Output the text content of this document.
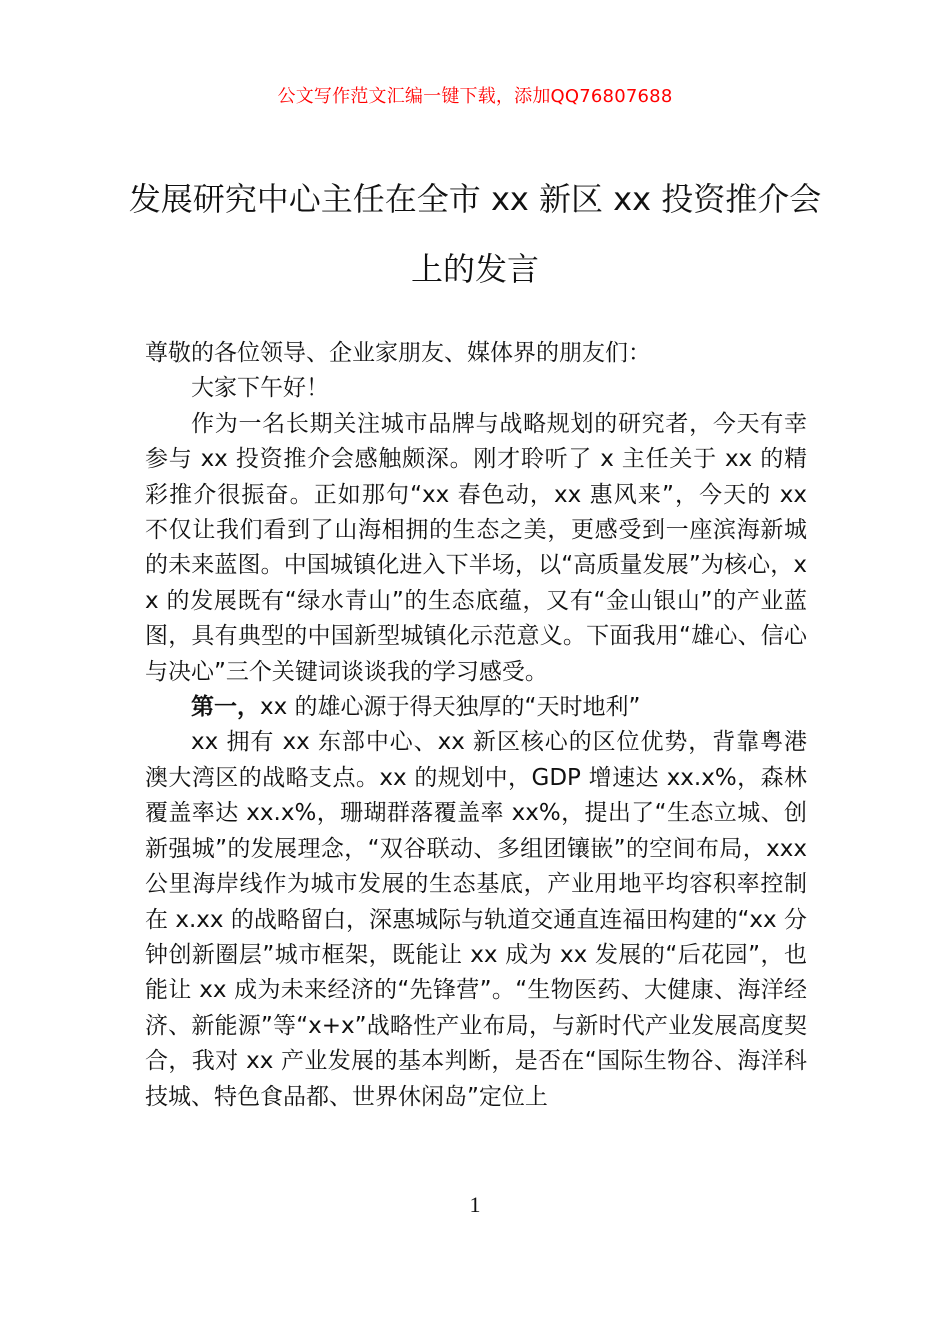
公文写作范文汇编一键下载，添加QQ76807688
发展研究中心主任在全市 xx 新区 xx 投资推介会上的发言

尊敬的各位领导、企业家朋友、媒体界的朋友们：

大家下午好！

作为一名长期关注城市品牌与战略规划的研究者，今天有幸参与 xx 投资推介会感触颇深。刚才聆听了 x 主任关于 xx 的精彩推介很振奋。正如那句“xx 春色动，xx 惠风来”，今天的 xx 不仅让我们看到了山海相拥的生态之美，更感受到一座滨海新城的未来蓝图。中国城镇化进入下半场，以“高质量发展”为核心，xx 的发展既有“绿水青山”的生态底蕴，又有“金山银山”的产业蓝图，具有典型的中国新型城镇化示范意义。下面我用“雄心、信心与决心”三个关键词谈谈我的学习感受。

第一，xx 的雄心源于得天独厚的“天时地利”

xx 拥有 xx 东部中心、xx 新区核心的区位优势，背靠粤港澳大湾区的战略支点。xx 的规划中，GDP 增速达 xx.x%，森林覆盖率达 xx.x%，珊瑚群落覆盖率 xx%，提出了“生态立城、创新强城”的发展理念，“双谷联动、多组团镶嵌”的空间布局，xxx 公里海岸线作为城市发展的生态基底，产业用地平均容积率控制在 x.xx 的战略留白，深惠城际与轨道交通直连福田构建的“xx 分钟创新圈层”城市框架，既能让 xx 成为 xx 发展的“后花园”，也能让 xx 成为未来经济的“先锋营”。“生物医药、大健康、海洋经济、新能源”等“x+x”战略性产业布局，与新时代产业发展高度契合，我对 xx 产业发展的基本判断，是否在“国际生物谷、海洋科技城、特色食品都、世界休闲岛”定位上

1
